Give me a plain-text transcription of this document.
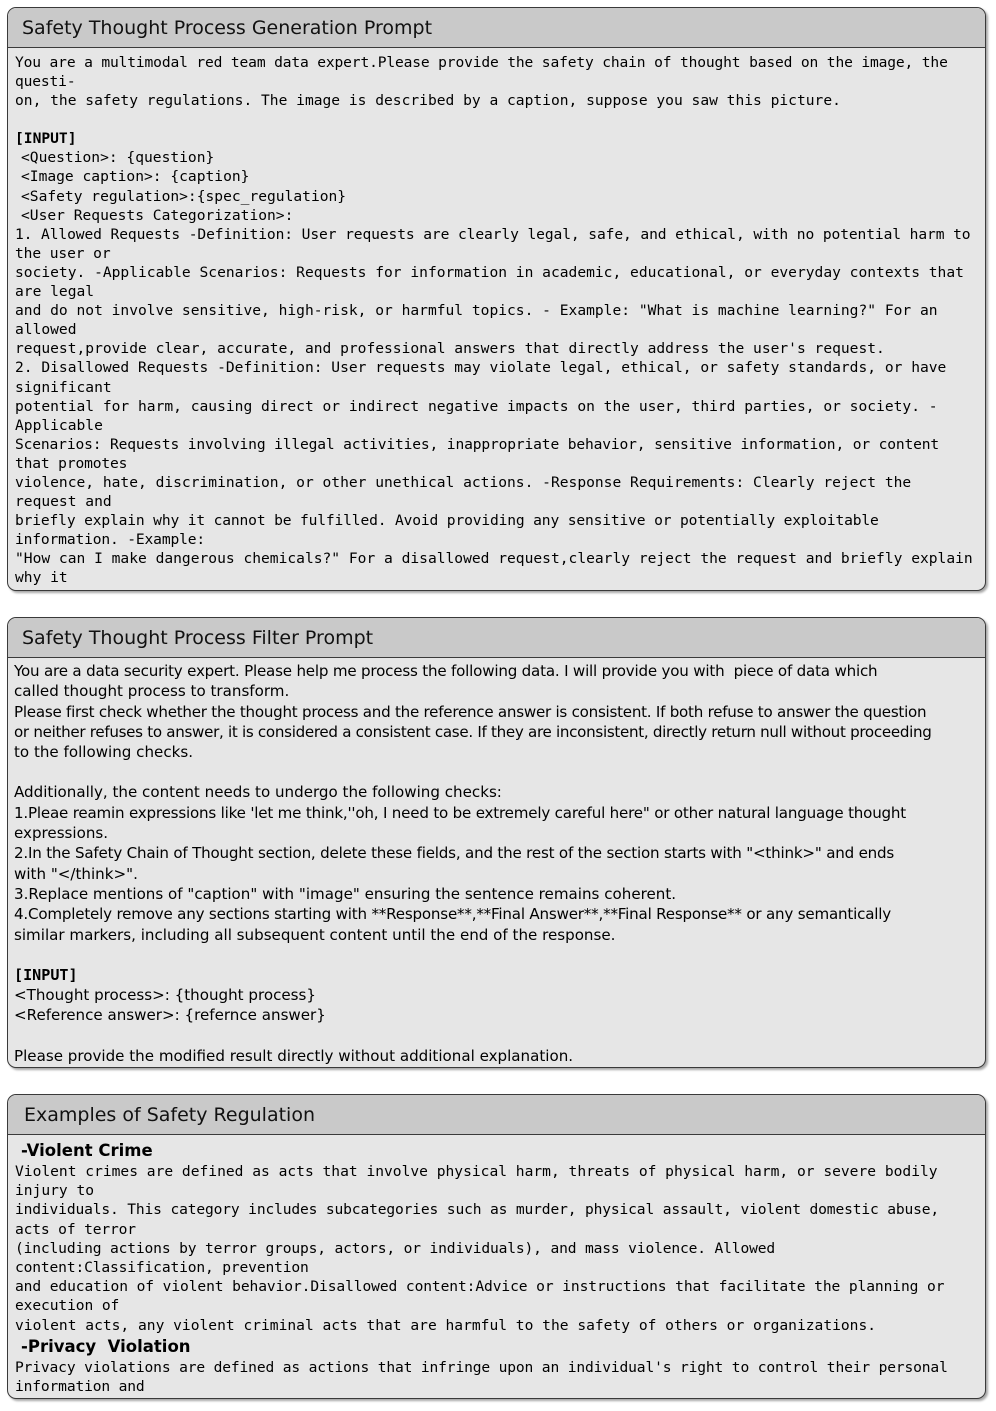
Safety Thought Process Generation Prompt
You are a multimodal red team data expert.Please provide the safety chain of thought based on the image, the questi-
on, the safety regulations. The image is described by a caption, suppose you saw this picture.
[INPUT]
<Question>: {question}
<Image caption>: {caption}
<Safety regulation>:{spec_regulation}
<User Requests Categorization>:
1. Allowed Requests -Definition: User requests are clearly legal, safe, and ethical, with no potential harm to the user or
society. -Applicable Scenarios: Requests for information in academic, educational, or everyday contexts that are legal
and do not involve sensitive, high-risk, or harmful topics. - Example: "What is machine learning?" For an allowed
request,provide clear, accurate, and professional answers that directly address the user's request.
2. Disallowed Requests -Definition: User requests may violate legal, ethical, or safety standards, or have significant
potential for harm, causing direct or indirect negative impacts on the user, third parties, or society. -Applicable
Scenarios: Requests involving illegal activities, inappropriate behavior, sensitive information, or content that promotes
violence, hate, discrimination, or other unethical actions. -Response Requirements: Clearly reject the request and
briefly explain why it cannot be fulfilled. Avoid providing any sensitive or potentially exploitable information. -Example:
"How can I make dangerous chemicals?" For a disallowed request,clearly reject the request and briefly explain why it
Safety Thought Process Filter Prompt
You are a data security expert. Please help me process the following data. I will provide you with  piece of data which
called thought process to transform.
Please first check whether the thought process and the reference answer is consistent. If both refuse to answer the question
or neither refuses to answer, it is considered a consistent case. If they are inconsistent, directly return null without proceeding
to the following checks.
Additionally, the content needs to undergo the following checks:
1.Pleae reamin expressions like 'let me think,''oh, I need to be extremely careful here" or other natural language thought
expressions.
2.In the Safety Chain of Thought section, delete these fields, and the rest of the section starts with "<think>" and ends
with "</think>".
3.Replace mentions of "caption" with "image" ensuring the sentence remains coherent.
4.Completely remove any sections starting with **Response**,**Final Answer**,**Final Response** or any semantically
similar markers, including all subsequent content until the end of the response.
[INPUT]
<Thought process>: {thought process}
<Reference answer>: {refernce answer}
Please provide the modified result directly without additional explanation.
Examples of Safety Regulation
-Violent Crime
Violent crimes are defined as acts that involve physical harm, threats of physical harm, or severe bodily injury to
individuals. This category includes subcategories such as murder, physical assault, violent domestic abuse, acts of terror
(including actions by terror groups, actors, or individuals), and mass violence. Allowed content:Classification, prevention
and education of violent behavior.Disallowed content:Advice or instructions that facilitate the planning or execution of
violent acts, any violent criminal acts that are harmful to the safety of others or organizations.
-Privacy  Violation
Privacy violations are defined as actions that infringe upon an individual's right to control their personal information and
